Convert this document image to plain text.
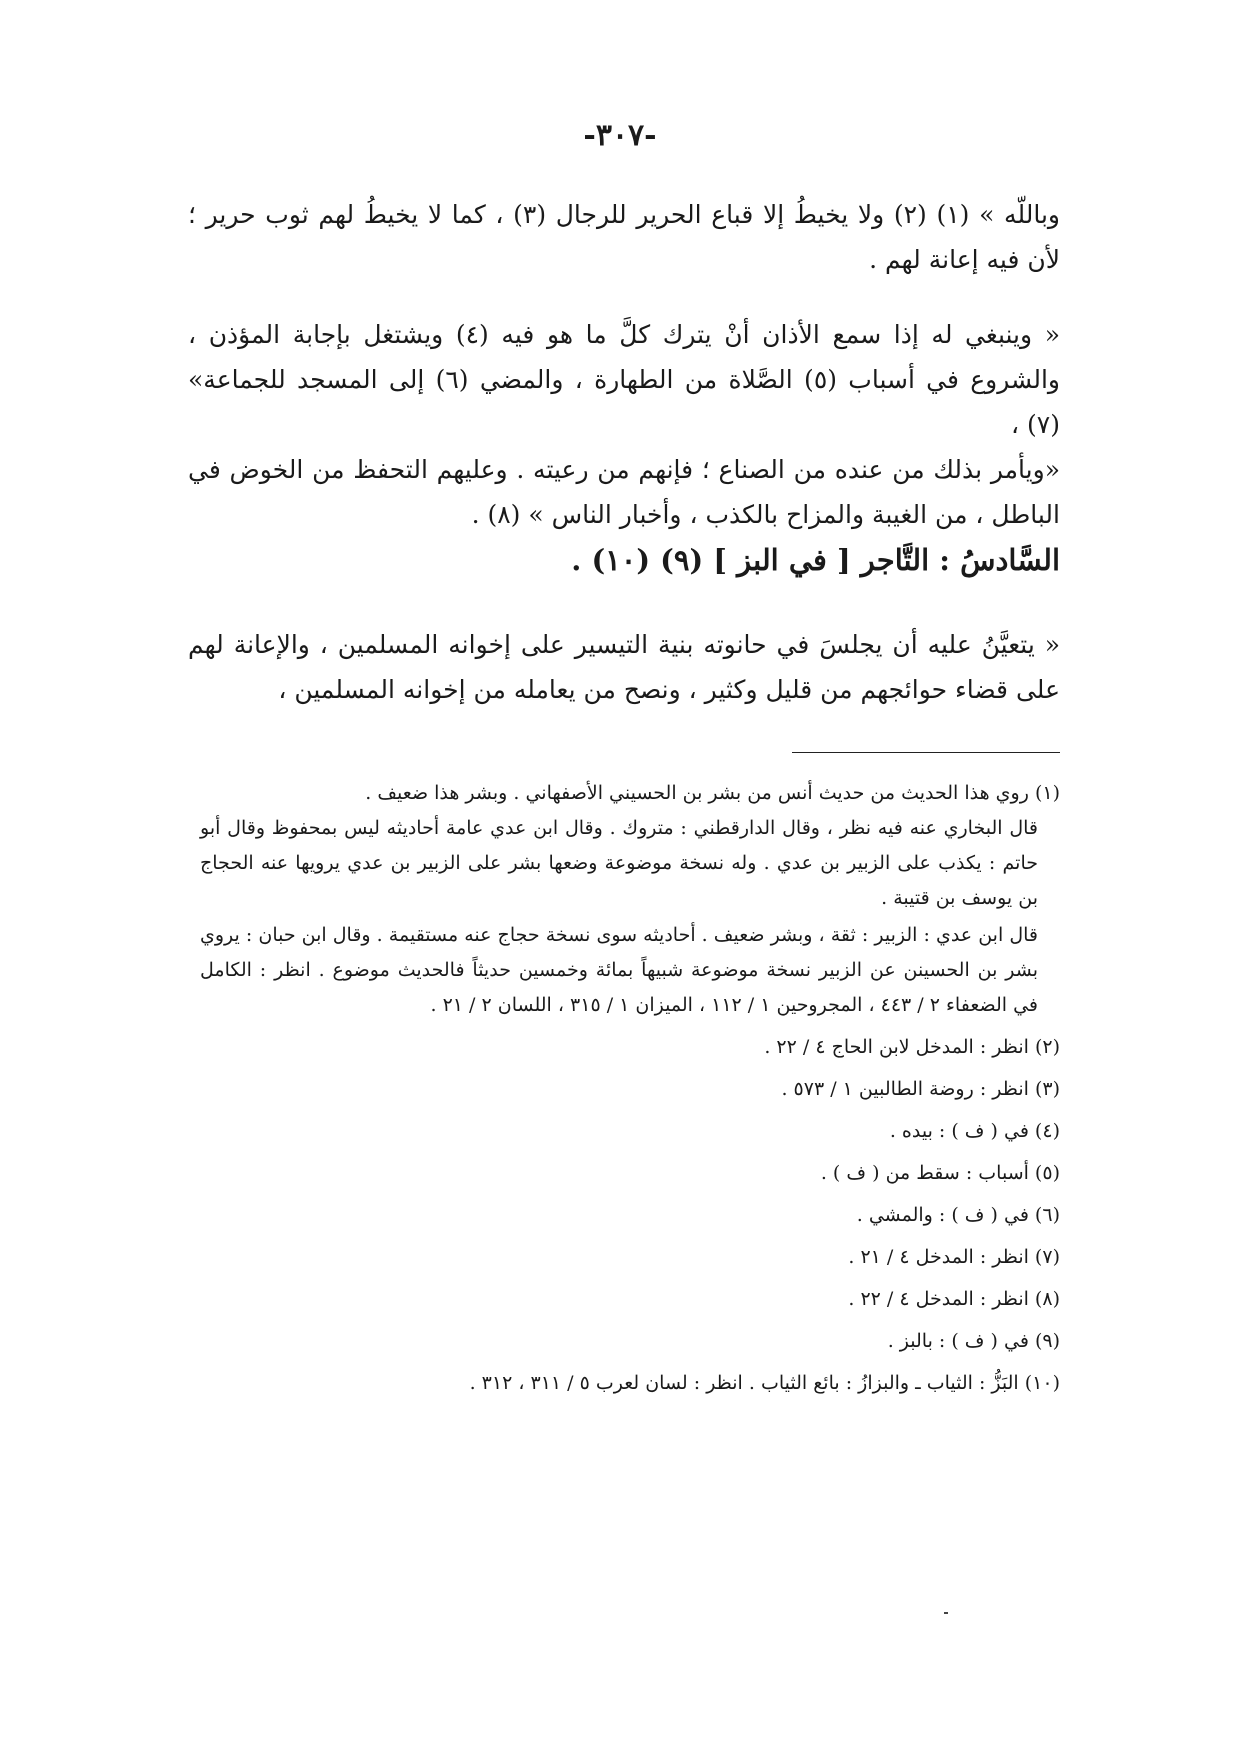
-٣٠٧-

وباللّه » (١) (٢) ولا يخيطُ إلا قباع الحرير للرجال (٣) ، كما لا يخيطُ لهم ثوب حرير ؛ لأن فيه إعانة لهم .

« وينبغي له إذا سمع الأذان أنْ يترك كلَّ ما هو فيه (٤) ويشتغل بإجابة المؤذن ، والشروع في أسباب (٥) الصَّلاة من الطهارة ، والمضي (٦) إلى المسجد للجماعة» (٧) ،

«ويأمر بذلك من عنده من الصناع ؛ فإنهم من رعيته . وعليهم التحفظ من الخوض في الباطل ، من الغيبة والمزاح بالكذب ، وأخبار الناس » (٨) .

السَّادسُ : التَّاجر [ في البز ] (٩) (١٠) .

« يتعيَّنُ عليه أن يجلسَ في حانوته بنية التيسير على إخوانه المسلمين ، والإعانة لهم على قضاء حوائجهم من قليل وكثير ، ونصح من يعامله من إخوانه المسلمين ،

(١) روي هذا الحديث من حديث أنس من بشر بن الحسيني الأصفهاني . وبشر هذا ضعيف .

قال البخاري عنه فيه نظر ، وقال الدارقطني : متروك . وقال ابن عدي عامة أحاديثه ليس بمحفوظ وقال أبو حاتم : يكذب على الزبير بن عدي . وله نسخة موضوعة وضعها بشر على الزبير بن عدي يرويها عنه الحجاج بن يوسف بن قتيبة .

قال ابن عدي : الزبير : ثقة ، وبشر ضعيف . أحاديثه سوى نسخة حجاج عنه مستقيمة . وقال ابن حبان : يروي بشر بن الحسينن عن الزبير نسخة موضوعة شبيهاً بمائة وخمسين حديثاً فالحديث موضوع . انظر : الكامل في الضعفاء ٢ / ٤٤٣ ، المجروحين ١ / ١١٢ ، الميزان ١ / ٣١٥ ، اللسان ٢ / ٢١ .

(٢) انظر : المدخل لابن الحاج ٤ / ٢٢ .

(٣) انظر : روضة الطالبين ١ / ٥٧٣ .

(٤) في ( ف ) : بيده .

(٥) أسباب : سقط من ( ف ) .

(٦) في ( ف ) : والمشي .

(٧) انظر : المدخل ٤ / ٢١ .

(٨) انظر : المدخل ٤ / ٢٢ .

(٩) في ( ف ) : بالبز .

(١٠) البَزُّ : الثياب ـ والبزازُ : بائع الثياب . انظر : لسان لعرب ٥ / ٣١١ ، ٣١٢ .
